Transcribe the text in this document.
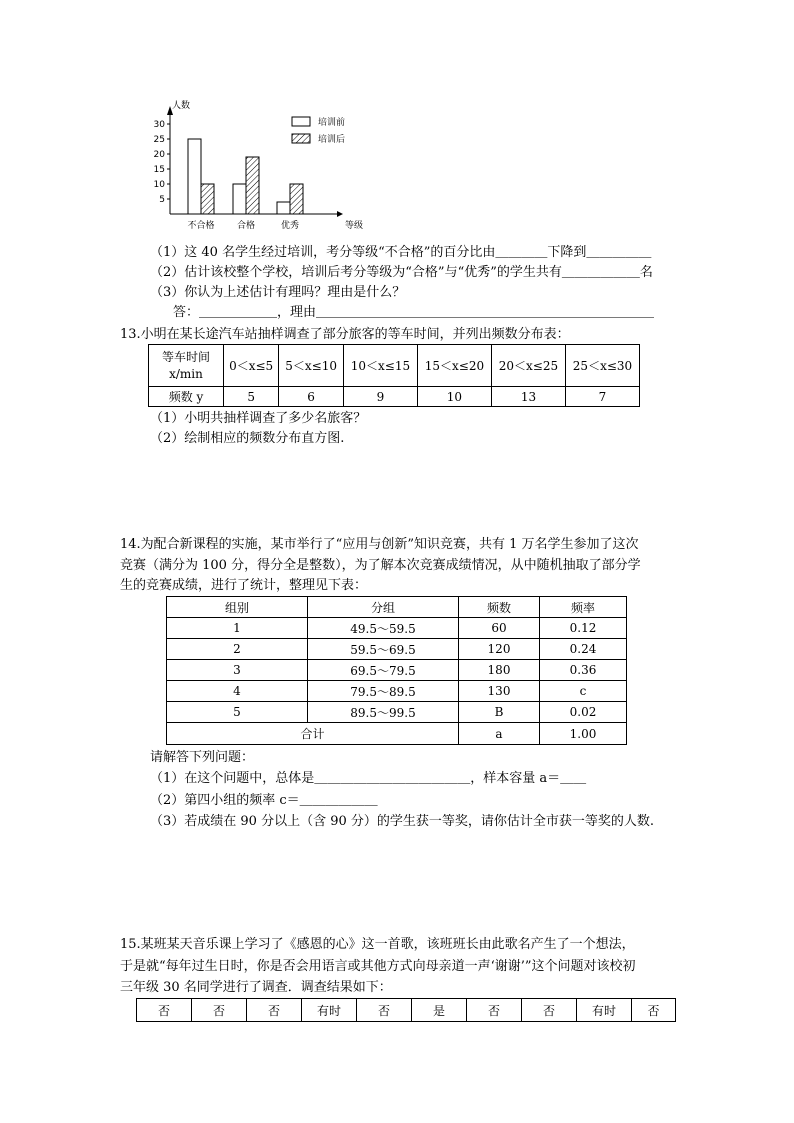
5
10
15
20
25
30
人数
等级
不合格 合格	优秀
培训前
培训后
（1）这 40 名学生经过培训，考分等级“不合格”的百分比由＿＿＿＿下降到＿＿＿＿＿
（2）估计该校整个学校，培训后考分等级为“合格”与“优秀”的学生共有＿＿＿＿＿＿名
（3）你认为上述估计有理吗？理由是什么？
答：＿＿＿＿＿＿，理由＿＿＿＿＿＿＿＿＿＿＿＿＿＿＿＿＿＿＿＿＿＿＿＿＿＿
13.小明在某长途汽车站抽样调查了部分旅客的等车时间，并列出频数分布表：
等车时间
x/min	0＜x≤5	5＜x≤10	10＜x≤15	15＜x≤20	20＜x≤25	25＜x≤30
频数 y	5	6	9	10	13	7
（1）小明共抽样调查了多少名旅客？
（2）绘制相应的频数分布直方图.
14.为配合新课程的实施，某市举行了“应用与创新”知识竞赛，共有 1 万名学生参加了这次
竞赛（满分为 100 分，得分全是整数），为了解本次竞赛成绩情况，从中随机抽取了部分学
生的竞赛成绩，进行了统计，整理见下表：
组别	分组	频数	频率
1	49.5～59.5	60	0.12
2	59.5～69.5	120	0.24
3	69.5～79.5	180	0.36
4	79.5～89.5	130	c
5	89.5～99.5	B	0.02
合计		a	1.00
请解答下列问题：
（1）在这个问题中，总体是＿＿＿＿＿＿＿＿＿＿＿＿，样本容量 a＝＿＿
（2）第四小组的频率 c＝＿＿＿＿＿＿
（3）若成绩在 90 分以上（含 90 分）的学生获一等奖，请你估计全市获一等奖的人数.
15.某班某天音乐课上学习了《感恩的心》这一首歌，该班班长由此歌名产生了一个想法，
于是就“每年过生日时，你是否会用语言或其他方式向母亲道一声‘谢谢’”这个问题对该校初
三年级 30 名同学进行了调查．调查结果如下：
否	否	否	有时	否	是	否	否	有时	否
